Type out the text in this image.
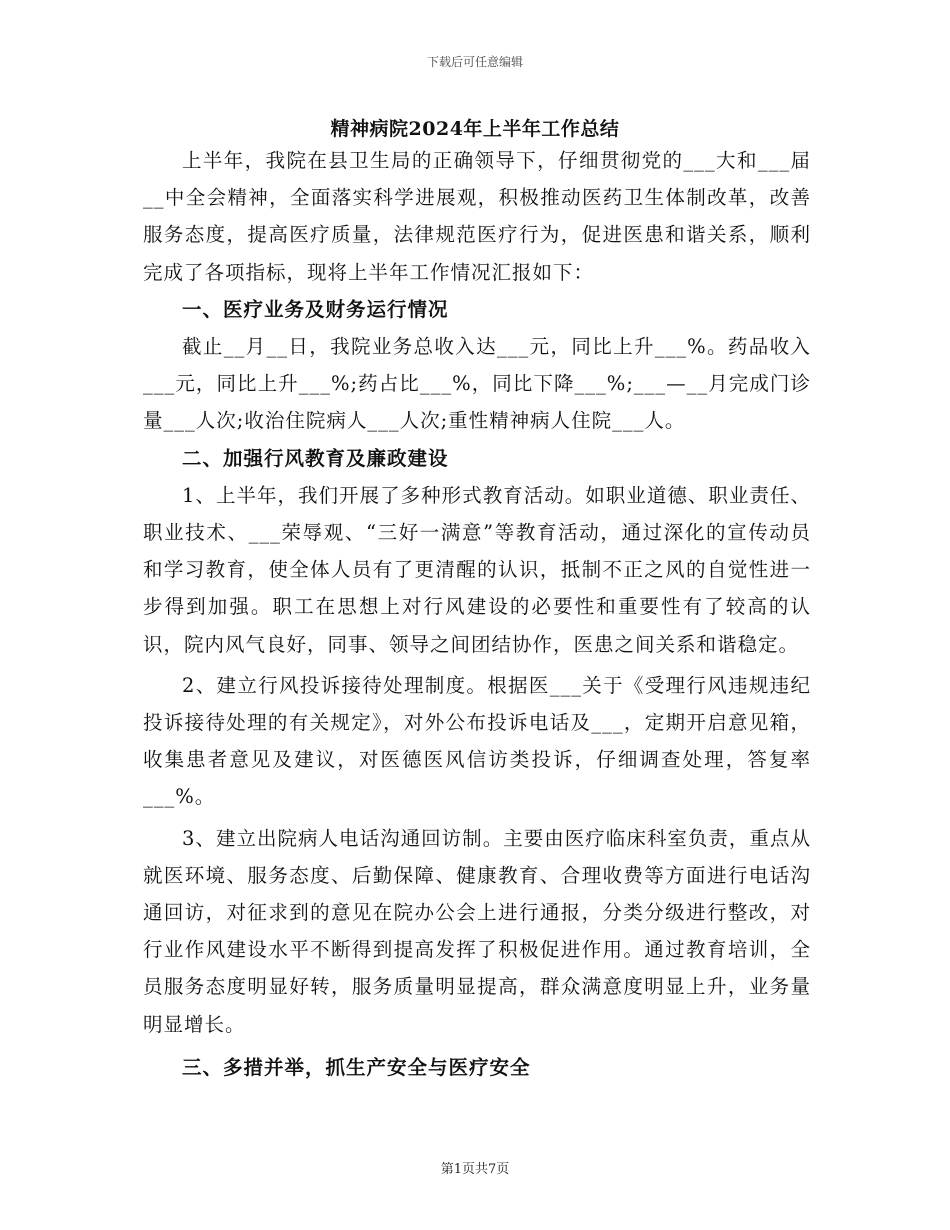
下载后可任意编辑
精神病院2024年上半年工作总结

上半年，我院在县卫生局的正确领导下，仔细贯彻党的___大和___届__中全会精神，全面落实科学进展观，积极推动医药卫生体制改革，改善服务态度，提高医疗质量，法律规范医疗行为，促进医患和谐关系，顺利完成了各项指标，现将上半年工作情况汇报如下：

一、医疗业务及财务运行情况

截止__月__日，我院业务总收入达___元，同比上升___%。药品收入___元，同比上升___%;药占比___%，同比下降___%;___—__月完成门诊量___人次;收治住院病人___人次;重性精神病人住院___人。

二、加强行风教育及廉政建设

1、上半年，我们开展了多种形式教育活动。如职业道德、职业责任、职业技术、___荣辱观、“三好一满意”等教育活动，通过深化的宣传动员和学习教育，使全体人员有了更清醒的认识，抵制不正之风的自觉性进一步得到加强。职工在思想上对行风建设的必要性和重要性有了较高的认识，院内风气良好，同事、领导之间团结协作，医患之间关系和谐稳定。

2、建立行风投诉接待处理制度。根据医___关于《受理行风违规违纪投诉接待处理的有关规定》，对外公布投诉电话及___，定期开启意见箱，收集患者意见及建议，对医德医风信访类投诉，仔细调查处理，答复率___%。

3、建立出院病人电话沟通回访制。主要由医疗临床科室负责，重点从就医环境、服务态度、后勤保障、健康教育、合理收费等方面进行电话沟通回访，对征求到的意见在院办公会上进行通报，分类分级进行整改，对行业作风建设水平不断得到提高发挥了积极促进作用。通过教育培训，全员服务态度明显好转，服务质量明显提高，群众满意度明显上升，业务量明显增长。

三、多措并举，抓生产安全与医疗安全

第1页共7页
